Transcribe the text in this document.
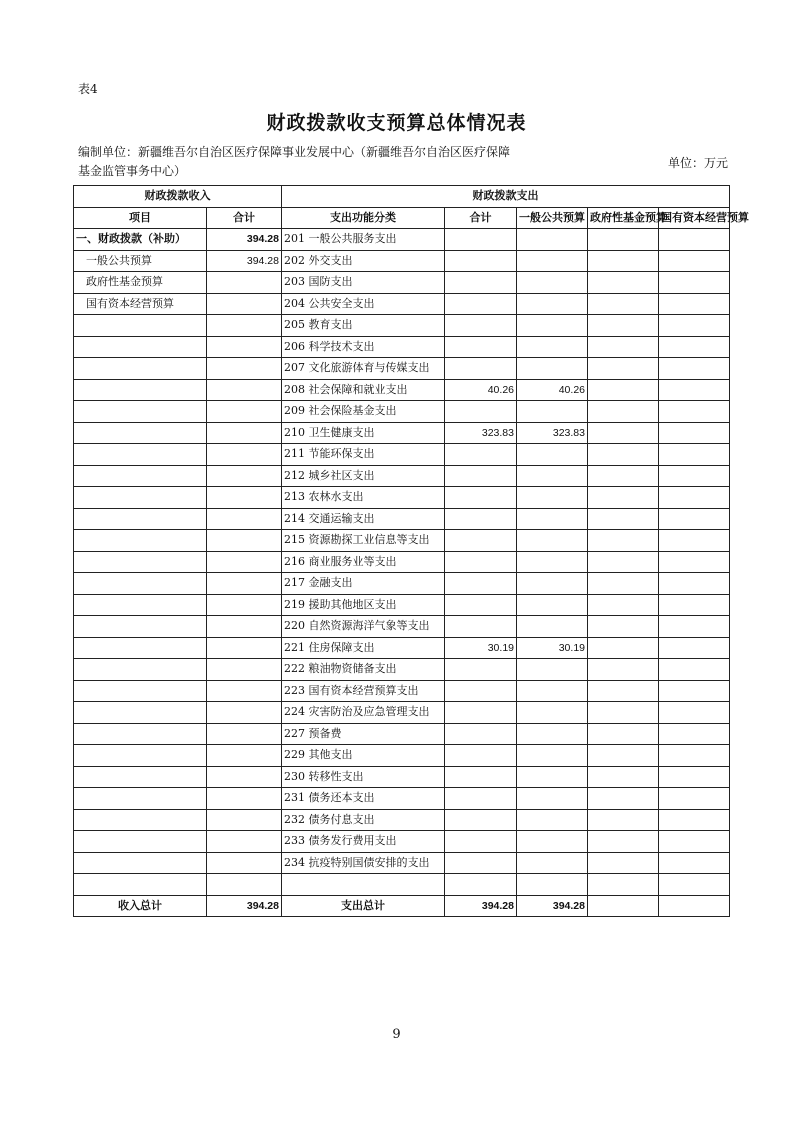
表4
财政拨款收支预算总体情况表
编制单位：新疆维吾尔自治区医疗保障事业发展中心（新疆维吾尔自治区医疗保障基金监管事务中心）
单位：万元
财政拨款收入		财政拨款支出				
项目	合计	支出功能分类	合计	一般公共预算	政府性基金预算	国有资本经营预算
一、财政拨款（补助）	394.28	201 一般公共服务支出				
一般公共预算	394.28	202 外交支出				
政府性基金预算		203 国防支出				
国有资本经营预算		204 公共安全支出				
		205 教育支出				
		206 科学技术支出				
		207 文化旅游体育与传媒支出				
		208 社会保障和就业支出	40.26	40.26		
		209 社会保险基金支出				
		210 卫生健康支出	323.83	323.83		
		211 节能环保支出				
		212 城乡社区支出				
		213 农林水支出				
		214 交通运输支出				
		215 资源勘探工业信息等支出				
		216 商业服务业等支出				
		217 金融支出				
		219 援助其他地区支出				
		220 自然资源海洋气象等支出				
		221 住房保障支出	30.19	30.19		
		222 粮油物资储备支出				
		223 国有资本经营预算支出				
		224 灾害防治及应急管理支出				
		227 预备费				
		229 其他支出				
		230 转移性支出				
		231 债务还本支出				
		232 债务付息支出				
		233 债务发行费用支出				
		234 抗疫特别国债安排的支出				

收入总计	394.28	支出总计	394.28	394.28		
9
